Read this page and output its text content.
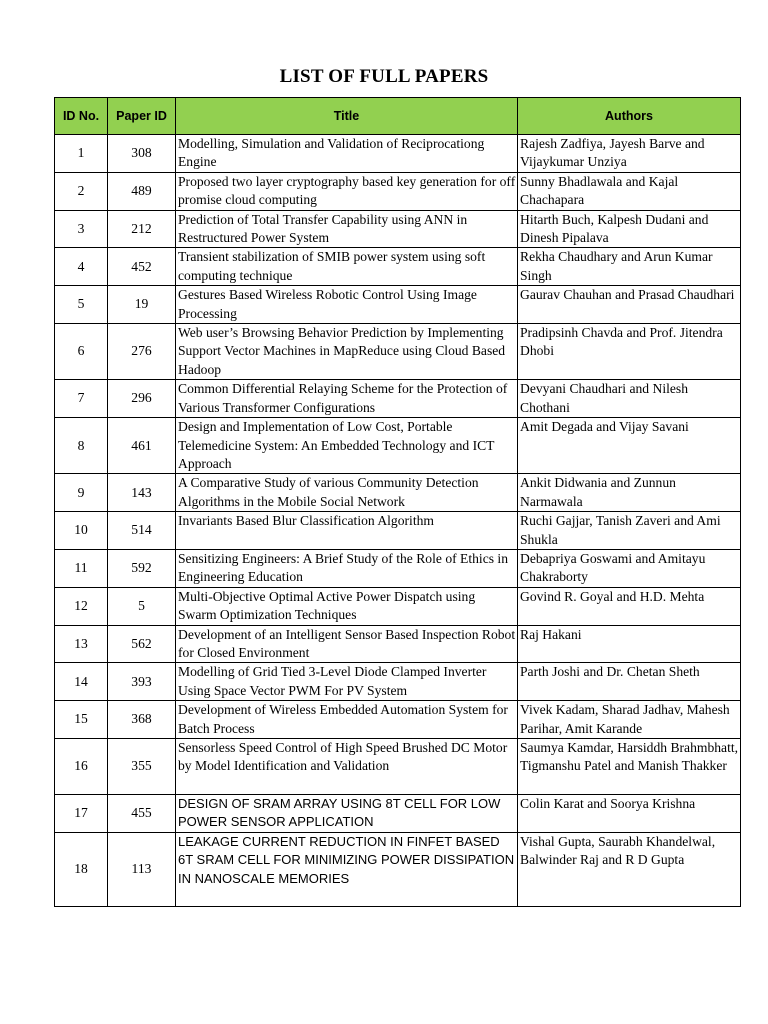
LIST OF FULL PAPERS
ID No.	Paper ID	Title	Authors
1	308	Modelling, Simulation and Validation of Reciprocationg Engine	Rajesh Zadfiya, Jayesh Barve and Vijaykumar Unziya
2	489	Proposed two layer cryptography based key generation for off promise cloud computing	Sunny Bhadlawala and Kajal Chachapara
3	212	Prediction of Total Transfer Capability using ANN in Restructured Power System	Hitarth Buch, Kalpesh Dudani and Dinesh Pipalava
4	452	Transient stabilization of SMIB power system using soft computing technique	Rekha Chaudhary and Arun Kumar Singh
5	19	Gestures Based Wireless Robotic Control Using Image Processing	Gaurav Chauhan and Prasad Chaudhari
6	276	Web user’s Browsing Behavior Prediction by Implementing Support Vector Machines in MapReduce using Cloud Based Hadoop	Pradipsinh Chavda and Prof. Jitendra Dhobi
7	296	Common Differential Relaying Scheme for the Protection of Various Transformer Configurations	Devyani Chaudhari and Nilesh Chothani
8	461	Design and Implementation of Low Cost, Portable Telemedicine System: An Embedded Technology and ICT Approach	Amit Degada and Vijay Savani
9	143	A Comparative Study of various Community Detection Algorithms in the Mobile Social Network	Ankit Didwania and Zunnun Narmawala
10	514	Invariants Based Blur Classification Algorithm	Ruchi Gajjar, Tanish Zaveri and Ami Shukla
11	592	Sensitizing Engineers: A Brief Study of the Role of Ethics in Engineering Education	Debapriya Goswami and Amitayu Chakraborty
12	5	Multi-Objective Optimal Active Power Dispatch using Swarm Optimization Techniques	Govind R. Goyal and H.D. Mehta
13	562	Development of an Intelligent Sensor Based Inspection Robot for Closed Environment	Raj Hakani
14	393	Modelling of Grid Tied 3-Level Diode Clamped Inverter Using Space Vector PWM For PV System	Parth Joshi and Dr. Chetan Sheth
15	368	Development of Wireless Embedded Automation System for Batch Process	Vivek Kadam, Sharad Jadhav, Mahesh Parihar, Amit Karande
16	355	Sensorless Speed Control of High Speed Brushed DC Motor by Model Identification and Validation	Saumya Kamdar, Harsiddh Brahmbhatt, Tigmanshu Patel and Manish Thakker
17	455	DESIGN OF SRAM ARRAY USING 8T CELL FOR LOW POWER SENSOR APPLICATION	Colin Karat and Soorya Krishna
18	113	LEAKAGE CURRENT REDUCTION IN FINFET BASED 6T SRAM CELL FOR MINIMIZING POWER DISSIPATION IN NANOSCALE MEMORIES	Vishal Gupta, Saurabh Khandelwal, Balwinder Raj and R D Gupta
